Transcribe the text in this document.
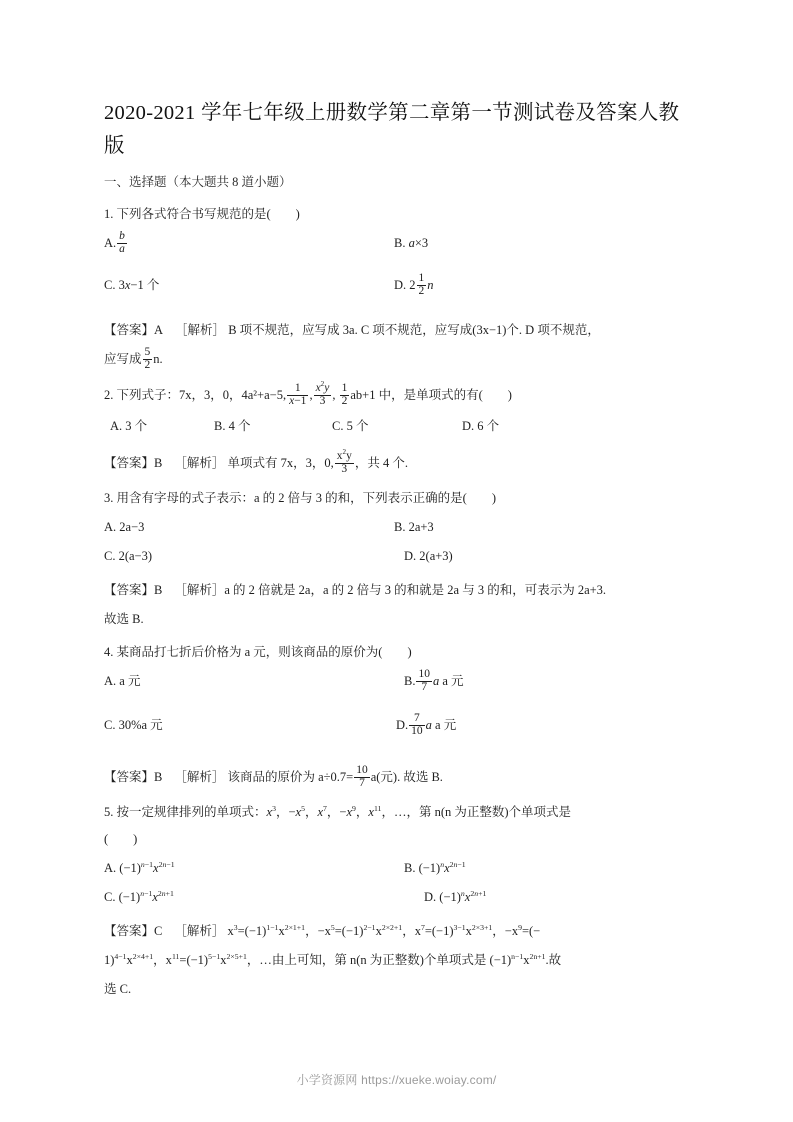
2020-2021 学年七年级上册数学第二章第一节测试卷及答案人教版
一、选择题（本大题共 8 道小题）
1. 下列各式符合书写规范的是(　　)
A. $\frac{b}{a}$	B. a×3
C. 3x−1 个	D. $2 \frac{1}{2}$ n
【答案】A ［解析］ B 项不规范，应写成 3a. C 项不规范，应写成(3x−1)个. D 项不规范，
应写成 $\frac{5}{2} n$.
2. 下列式子：7x，3，0，4a²+a−5, $\frac{1}{x-1}$ , $\frac{x^2y}{3}$ , $\frac{1}{2} ab+1$ 中，是单项式的有(　　)
A. 3 个	B. 4 个	C. 5 个	D. 6 个
【答案】B ［解析］ 单项式有 7x，3，0, $\frac{x^2y}{3}$ ，共 4 个.
3. 用含有字母的式子表示：a 的 2 倍与 3 的和，下列表示正确的是(　　)
A. 2a−3	B. 2a+3
C. 2(a−3)	D. 2(a+3)
【答案】B ［解析］a 的 2 倍就是 2a，a 的 2 倍与 3 的和就是 2a 与 3 的和，可表示为 2a+3.
故选 B.
4. 某商品打七折后价格为 a 元，则该商品的原价为(　　)
A. a 元	B. $\frac{10}{7}$ a a 元
C. 30%a 元	D. $\frac{7}{10}$ a a 元
【答案】B ［解析］ 该商品的原价为 $a\div 0.7= \frac{10}{7} a$(元). 故选 B.
5. 按一定规律排列的单项式：$x^3$，$-x^5$，$x^7$，$-x^9$，$x^{11}$，…，第 n(n 为正整数)个单项式是
(　　)
A. $(-1)^{n-1}x^{2n-1}$	B. $(-1)^nx^{2n-1}$
C. $(-1)^{n-1}x^{2n+1}$	D. $(-1)^nx^{2n+1}$
【答案】C ［解析］ $x^3=(-1)^{1-1}x^{2\times 1+1}$，$-x^5=(-1)^{2-1}x^{2\times 2+1}$，$x^7=(-1)^{3-1}x^{2\times 3+1}$，$-x^9=(-$
$1)^{4-1}x^{2\times 4+1}$，$x^{11}=(-1)^{5-1}x^{2\times 5+1}$，…由上可知，第 n(n 为正整数)个单项式是 $(-1)^{n-1}x^{2n+1}$.故
选 C.
小学资源网 https://xueke.woiay.com/
